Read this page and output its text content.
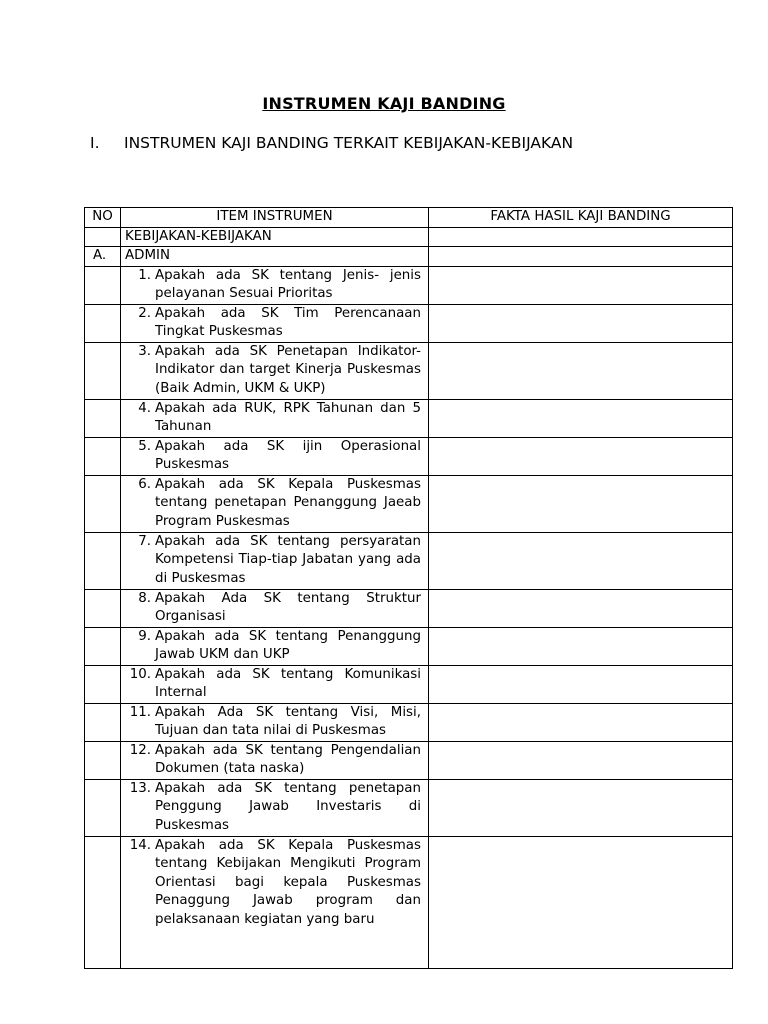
INSTRUMEN KAJI BANDING
I. INSTRUMEN KAJI BANDING TERKAIT KEBIJAKAN-KEBIJAKAN
NO	ITEM INSTRUMEN	FAKTA HASIL KAJI BANDING
	KEBIJAKAN-KEBIJAKAN	
A.	ADMIN	

	1. Apakah ada SK tentang Jenis- jenis pelayanan Sesuai Prioritas	

	2. Apakah ada SK Tim Perencanaan Tingkat Puskesmas	

	3. Apakah ada SK Penetapan Indikator-Indikator dan target Kinerja Puskesmas (Baik Admin, UKM & UKP)	

	4. Apakah ada RUK, RPK Tahunan dan 5 Tahunan	

	5. Apakah ada SK ijin Operasional Puskesmas	

	6. Apakah ada SK Kepala Puskesmas tentang penetapan Penanggung Jaeab Program Puskesmas	

	7. Apakah ada SK tentang persyaratan Kompetensi Tiap-tiap Jabatan yang ada di Puskesmas	

	8. Apakah Ada SK tentang Struktur Organisasi	

	9. Apakah ada SK tentang Penanggung Jawab UKM dan UKP	

	10. Apakah ada SK tentang Komunikasi Internal	

	11. Apakah Ada SK tentang Visi, Misi, Tujuan dan tata nilai di Puskesmas	

	12. Apakah ada SK tentang Pengendalian Dokumen (tata naska)	

	13. Apakah ada SK tentang penetapan Penggung Jawab Investaris di Puskesmas	

	14. Apakah ada SK Kepala Puskesmas tentang Kebijakan Mengikuti Program Orientasi bagi kepala Puskesmas Penaggung Jawab program dan pelaksanaan kegiatan yang baru	
